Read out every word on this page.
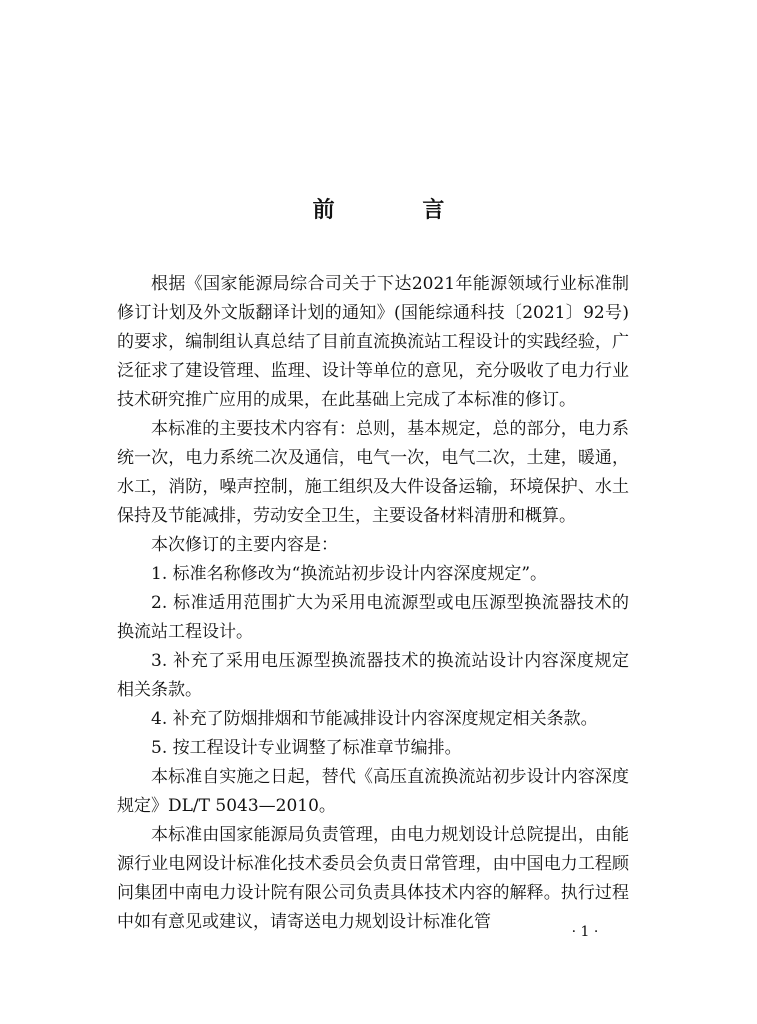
前 言

根据《国家能源局综合司关于下达2021年能源领域行业标准制修订计划及外文版翻译计划的通知》(国能综通科技〔2021〕92号)的要求，编制组认真总结了目前直流换流站工程设计的实践经验，广泛征求了建设管理、监理、设计等单位的意见，充分吸收了电力行业技术研究推广应用的成果，在此基础上完成了本标准的修订。

本标准的主要技术内容有：总则，基本规定，总的部分，电力系统一次，电力系统二次及通信，电气一次，电气二次，土建，暖通，水工，消防，噪声控制，施工组织及大件设备运输，环境保护、水土保持及节能减排，劳动安全卫生，主要设备材料清册和概算。

本次修订的主要内容是：

1. 标准名称修改为“换流站初步设计内容深度规定”。

2. 标准适用范围扩大为采用电流源型或电压源型换流器技术的换流站工程设计。

3. 补充了采用电压源型换流器技术的换流站设计内容深度规定相关条款。

4. 补充了防烟排烟和节能减排设计内容深度规定相关条款。

5. 按工程设计专业调整了标准章节编排。

本标准自实施之日起，替代《高压直流换流站初步设计内容深度规定》DL/T 5043—2010。

本标准由国家能源局负责管理，由电力规划设计总院提出，由能源行业电网设计标准化技术委员会负责日常管理，由中国电力工程顾问集团中南电力设计院有限公司负责具体技术内容的解释。执行过程中如有意见或建议，请寄送电力规划设计标准化管	· 1 ·
